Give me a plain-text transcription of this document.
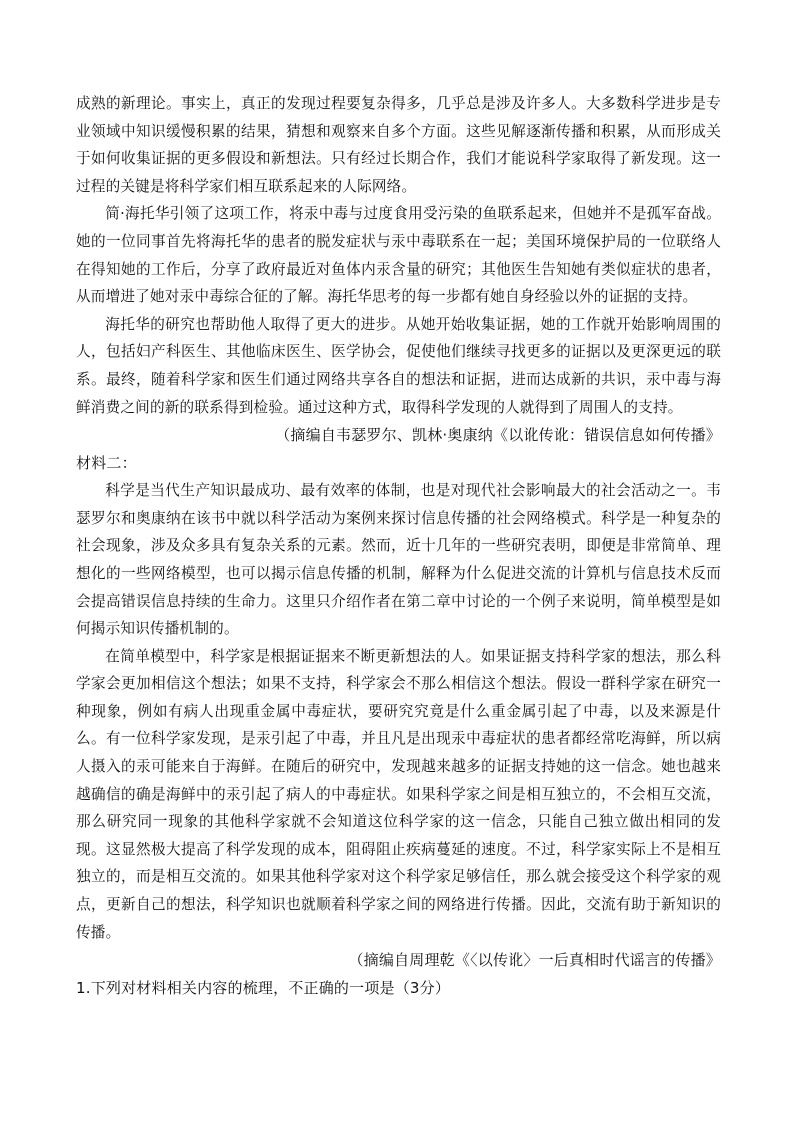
成熟的新理论。事实上，真正的发现过程要复杂得多，几乎总是涉及许多人。大多数科学进步是专业领域中知识缓慢积累的结果，猜想和观察来自多个方面。这些见解逐渐传播和积累，从而形成关于如何收集证据的更多假设和新想法。只有经过长期合作，我们才能说科学家取得了新发现。这一过程的关键是将科学家们相互联系起来的人际网络。

简·海托华引领了这项工作，将汞中毒与过度食用受污染的鱼联系起来，但她并不是孤军奋战。她的一位同事首先将海托华的患者的脱发症状与汞中毒联系在一起；美国环境保护局的一位联络人在得知她的工作后，分享了政府最近对鱼体内汞含量的研究；其他医生告知她有类似症状的患者，从而增进了她对汞中毒综合征的了解。海托华思考的每一步都有她自身经验以外的证据的支持。

海托华的研究也帮助他人取得了更大的进步。从她开始收集证据，她的工作就开始影响周围的人，包括妇产科医生、其他临床医生、医学协会，促使他们继续寻找更多的证据以及更深更远的联系。最终，随着科学家和医生们通过网络共享各自的想法和证据，进而达成新的共识，汞中毒与海鲜消费之间的新的联系得到检验。通过这种方式，取得科学发现的人就得到了周围人的支持。

（摘编自韦瑟罗尔、凯林·奥康纳《以讹传讹：错误信息如何传播》

材料二：

科学是当代生产知识最成功、最有效率的体制，也是对现代社会影响最大的社会活动之一。韦瑟罗尔和奥康纳在该书中就以科学活动为案例来探讨信息传播的社会网络模式。科学是一种复杂的社会现象，涉及众多具有复杂关系的元素。然而，近十几年的一些研究表明，即便是非常简单、理想化的一些网络模型，也可以揭示信息传播的机制，解释为什么促进交流的计算机与信息技术反而会提高错误信息持续的生命力。这里只介绍作者在第二章中讨论的一个例子来说明，简单模型是如何揭示知识传播机制的。

在简单模型中，科学家是根据证据来不断更新想法的人。如果证据支持科学家的想法，那么科学家会更加相信这个想法；如果不支持，科学家会不那么相信这个想法。假设一群科学家在研究一种现象，例如有病人出现重金属中毒症状，要研究究竟是什么重金属引起了中毒，以及来源是什么。有一位科学家发现，是汞引起了中毒，并且凡是出现汞中毒症状的患者都经常吃海鲜，所以病人摄入的汞可能来自于海鲜。在随后的研究中，发现越来越多的证据支持她的这一信念。她也越来越确信的确是海鲜中的汞引起了病人的中毒症状。如果科学家之间是相互独立的，不会相互交流，那么研究同一现象的其他科学家就不会知道这位科学家的这一信念，只能自己独立做出相同的发现。这显然极大提高了科学发现的成本，阻碍阻止疾病蔓延的速度。不过，科学家实际上不是相互独立的，而是相互交流的。如果其他科学家对这个科学家足够信任，那么就会接受这个科学家的观点，更新自己的想法，科学知识也就顺着科学家之间的网络进行传播。因此，交流有助于新知识的传播。

（摘编自周理乾《〈以传讹〉一后真相时代谣言的传播》

1.下列对材料相关内容的梳理，不正确的一项是（3分）
